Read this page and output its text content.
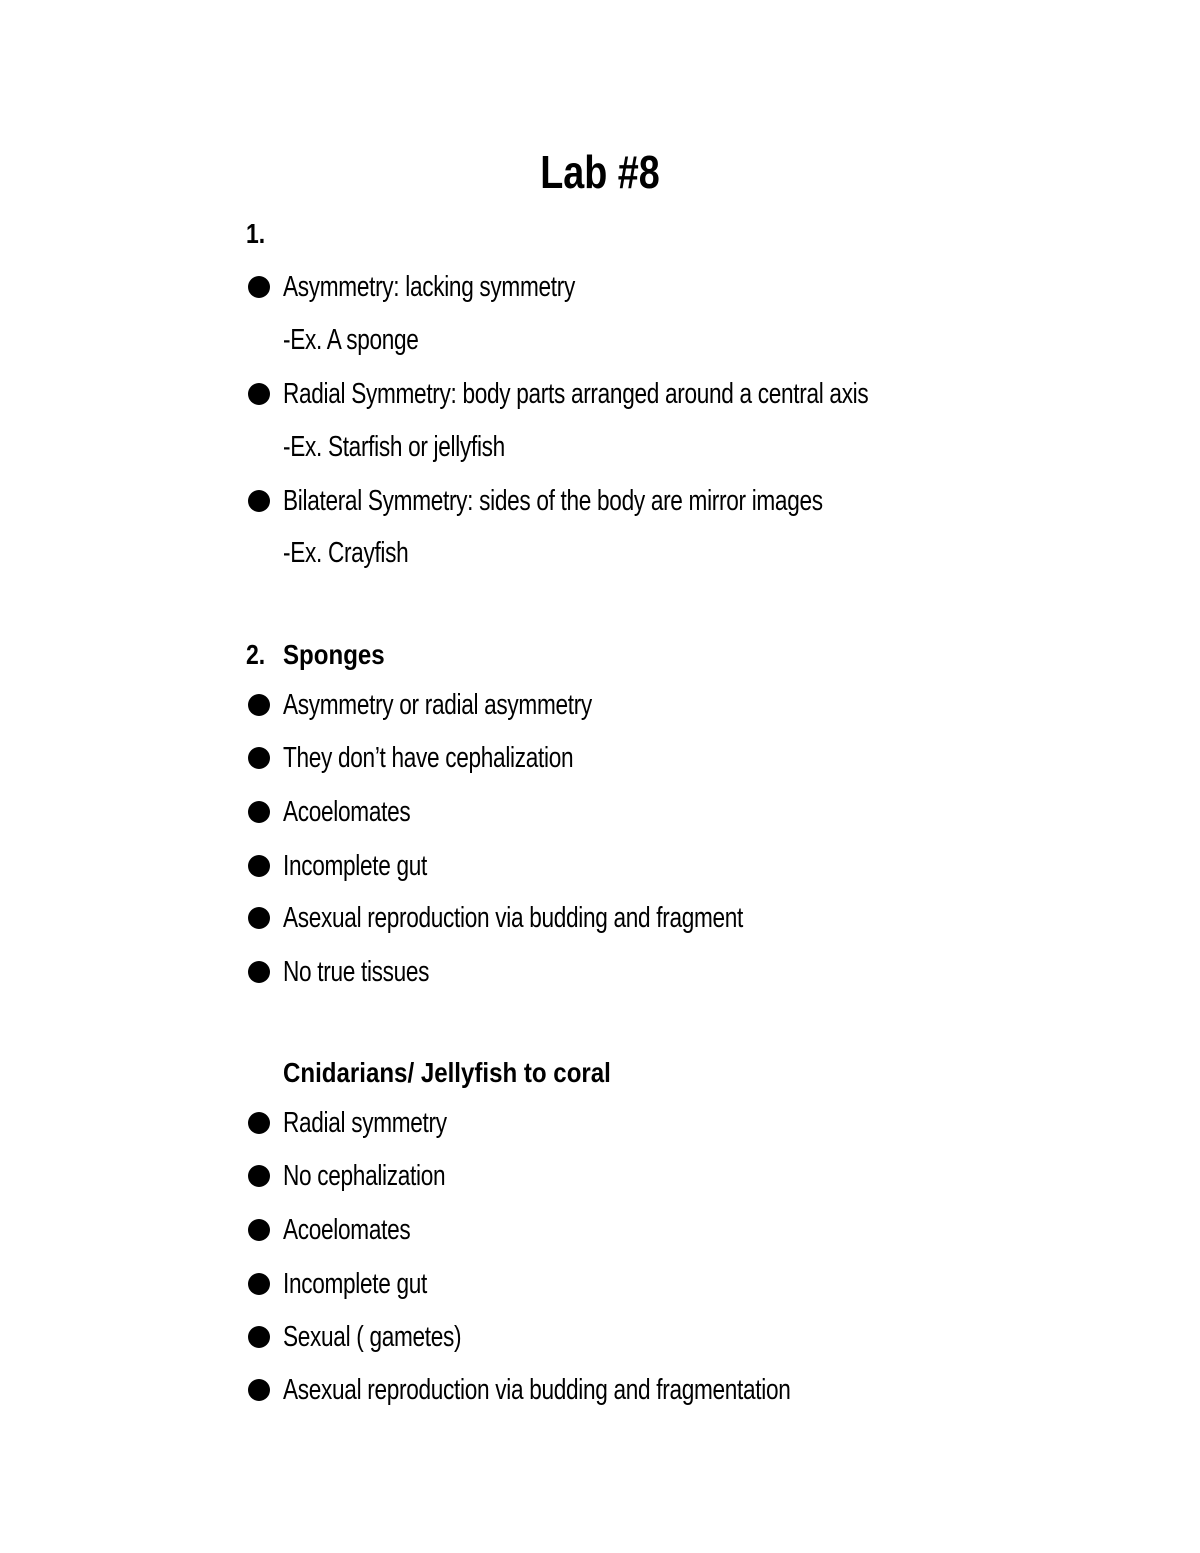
Lab #8
1.
Asymmetry: lacking symmetry
-Ex. A sponge
Radial Symmetry: body parts arranged around a central axis
-Ex. Starfish or jellyfish
Bilateral Symmetry: sides of the body are mirror images
-Ex. Crayfish
2. Sponges
Asymmetry or radial asymmetry
They don’t have cephalization
Acoelomates
Incomplete gut
Asexual reproduction via budding and fragment
No true tissues
Cnidarians/ Jellyfish to coral
Radial symmetry
No cephalization
Acoelomates
Incomplete gut
Sexual ( gametes)
Asexual reproduction via budding and fragmentation
